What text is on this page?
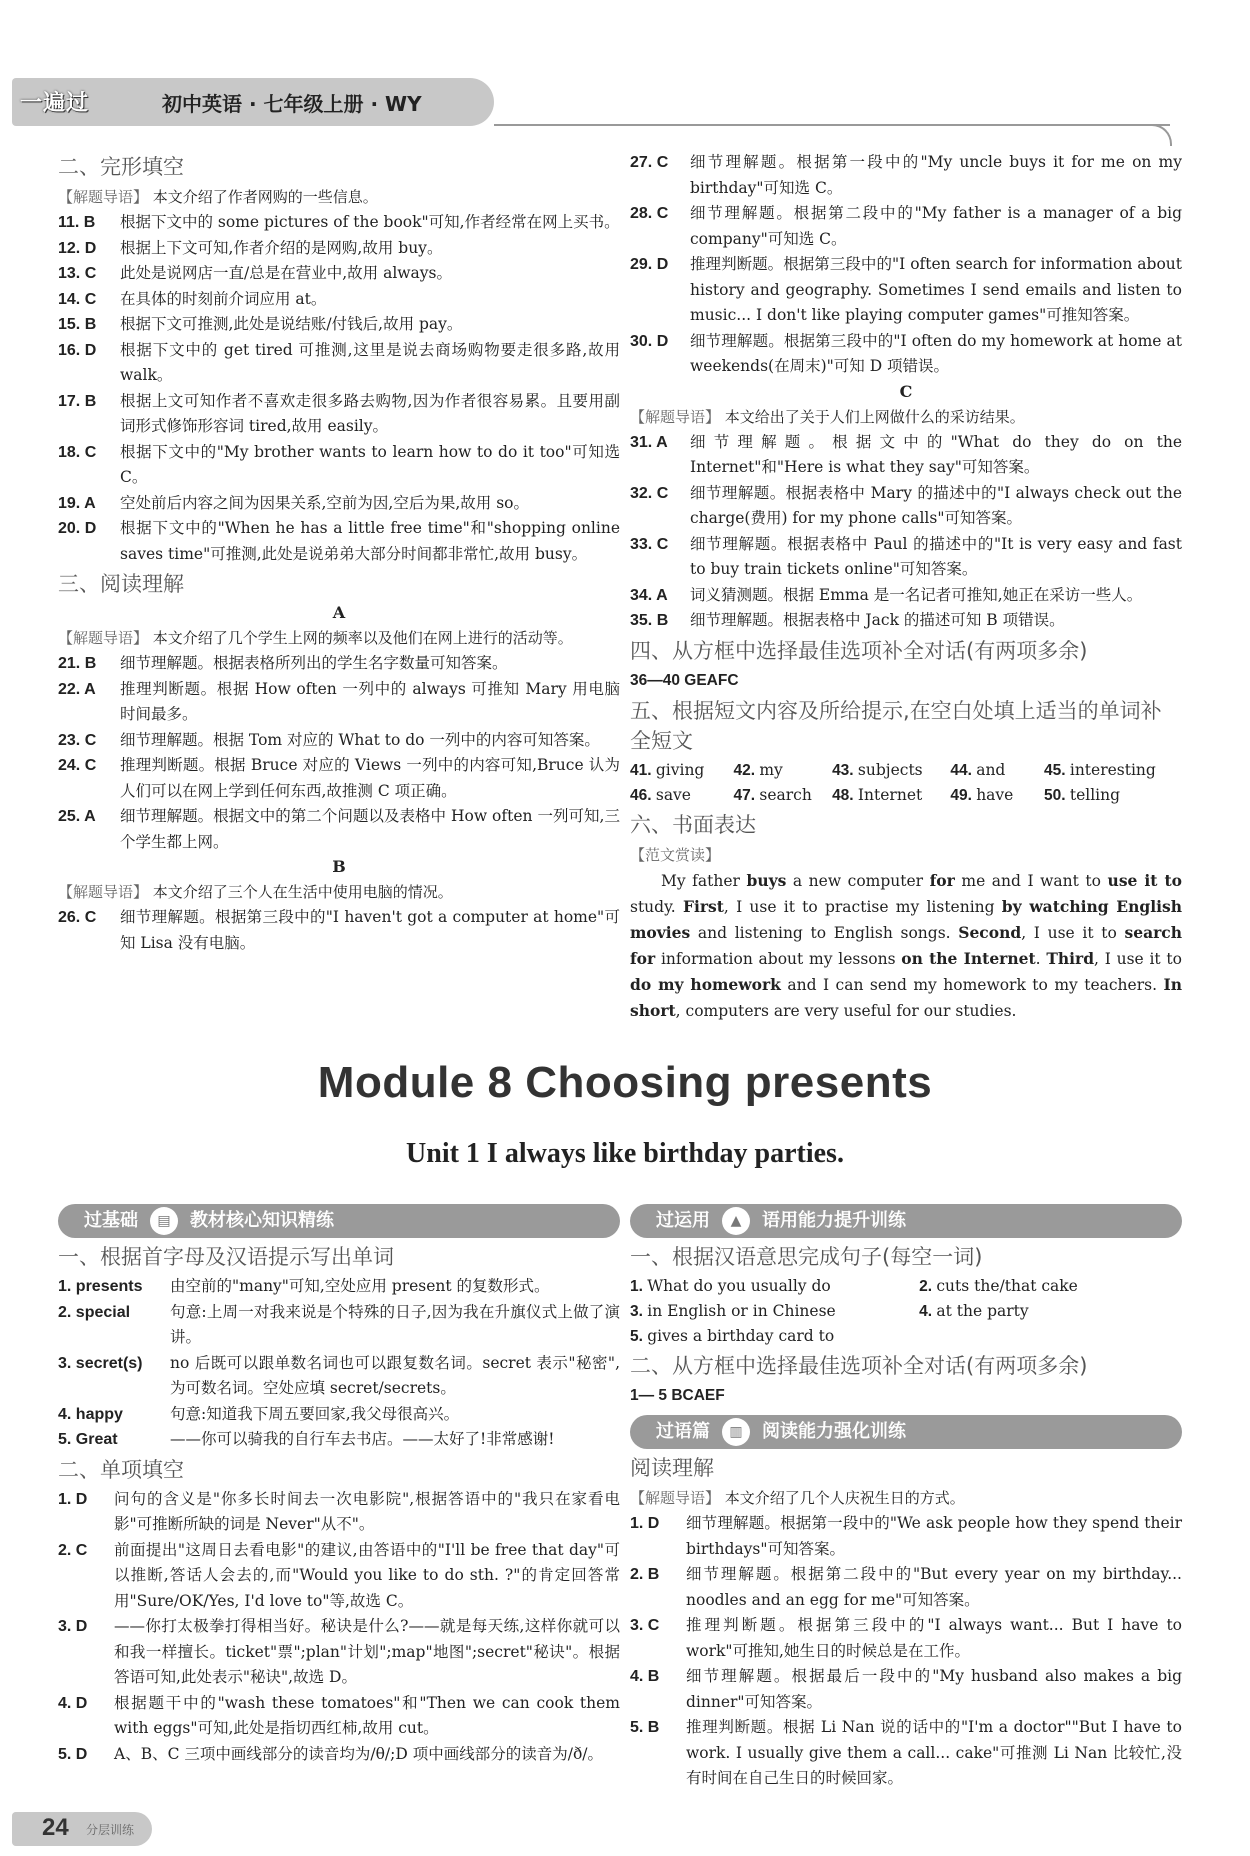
一遍过	初中英语 · 七年级上册 · WY
二、完形填空
【解题导语】 本文介绍了作者网购的一些信息。
11. B	根据下文中的 some pictures of the book"可知,作者经常在网上买书。
12. D	根据上下文可知,作者介绍的是网购,故用 buy。
13. C	此处是说网店一直/总是在营业中,故用 always。
14. C	在具体的时刻前介词应用 at。
15. B	根据下文可推测,此处是说结账/付钱后,故用 pay。
16. D	根据下文中的 get tired 可推测,这里是说去商场购物要走很多路,故用 walk。
17. B	根据上文可知作者不喜欢走很多路去购物,因为作者很容易累。且要用副词形式修饰形容词 tired,故用 easily。
18. C	根据下文中的"My brother wants to learn how to do it too"可知选 C。
19. A	空处前后内容之间为因果关系,空前为因,空后为果,故用 so。
20. D	根据下文中的"When he has a little free time"和"shopping online saves time"可推测,此处是说弟弟大部分时间都非常忙,故用 busy。
三、阅读理解
A
【解题导语】 本文介绍了几个学生上网的频率以及他们在网上进行的活动等。
21. B	细节理解题。根据表格所列出的学生名字数量可知答案。
22. A	推理判断题。根据 How often 一列中的 always 可推知 Mary 用电脑时间最多。
23. C	细节理解题。根据 Tom 对应的 What to do 一列中的内容可知答案。
24. C	推理判断题。根据 Bruce 对应的 Views 一列中的内容可知,Bruce 认为人们可以在网上学到任何东西,故推测 C 项正确。
25. A	细节理解题。根据文中的第二个问题以及表格中 How often 一列可知,三个学生都上网。
B
【解题导语】 本文介绍了三个人在生活中使用电脑的情况。
26. C	细节理解题。根据第三段中的"I haven't got a computer at home"可知 Lisa 没有电脑。
27. C	细节理解题。根据第一段中的"My uncle buys it for me on my birthday"可知选 C。
28. C	细节理解题。根据第二段中的"My father is a manager of a big company"可知选 C。
29. D	推理判断题。根据第三段中的"I often search for information about history and geography. Sometimes I send emails and listen to music... I don't like playing computer games"可推知答案。
30. D	细节理解题。根据第三段中的"I often do my homework at home at weekends(在周末)"可知 D 项错误。
C
【解题导语】 本文给出了关于人们上网做什么的采访结果。
31. A	细节理解题。根据文中的"What do they do on the Internet"和"Here is what they say"可知答案。
32. C	细节理解题。根据表格中 Mary 的描述中的"I always check out the charge(费用) for my phone calls"可知答案。
33. C	细节理解题。根据表格中 Paul 的描述中的"It is very easy and fast to buy train tickets online"可知答案。
34. A	词义猜测题。根据 Emma 是一名记者可推知,她正在采访一些人。
35. B	细节理解题。根据表格中 Jack 的描述可知 B 项错误。
四、从方框中选择最佳选项补全对话(有两项多余)
36—40 GEAFC
五、根据短文内容及所给提示,在空白处填上适当的单词补全短文
41. giving	42. my	43. subjects	44. and	45. interesting
46. save	47. search	48. Internet	49. have	50. telling
六、书面表达
【范文赏读】
My father buys a new computer for me and I want to use it to study. First, I use it to practise my listening by watching English movies and listening to English songs. Second, I use it to search for information about my lessons on the Internet. Third, I use it to do my homework and I can send my homework to my teachers. In short, computers are very useful for our studies.
Module 8 Choosing presents
Unit 1 I always like birthday parties.
过基础	▤	教材核心知识精练
一、根据首字母及汉语提示写出单词
1. presents	由空前的"many"可知,空处应用 present 的复数形式。
2. special	句意:上周一对我来说是个特殊的日子,因为我在升旗仪式上做了演讲。
3. secret(s)	no 后既可以跟单数名词也可以跟复数名词。secret 表示"秘密",为可数名词。空处应填 secret/secrets。
4. happy	句意:知道我下周五要回家,我父母很高兴。
5. Great	——你可以骑我的自行车去书店。——太好了!非常感谢!
二、单项填空
1. D	问句的含义是"你多长时间去一次电影院",根据答语中的"我只在家看电影"可推断所缺的词是 Never"从不"。
2. C	前面提出"这周日去看电影"的建议,由答语中的"I'll be free that day"可以推断,答话人会去的,而"Would you like to do sth. ?"的肯定回答常用"Sure/OK/Yes, I'd love to"等,故选 C。
3. D	——你打太极拳打得相当好。秘诀是什么?——就是每天练,这样你就可以和我一样擅长。ticket"票";plan"计划";map"地图";secret"秘诀"。根据答语可知,此处表示"秘诀",故选 D。
4. D	根据题干中的"wash these tomatoes"和"Then we can cook them with eggs"可知,此处是指切西红柿,故用 cut。
5. D	A、B、C 三项中画线部分的读音均为/θ/;D 项中画线部分的读音为/ð/。
过运用	▲	语用能力提升训练
一、根据汉语意思完成句子(每空一词)
1. What do you usually do	2. cuts the/that cake
3. in English or in Chinese	4. at the party
5. gives a birthday card to
二、从方框中选择最佳选项补全对话(有两项多余)
1— 5 BCAEF
过语篇	▥	阅读能力强化训练
阅读理解
【解题导语】 本文介绍了几个人庆祝生日的方式。
1. D	细节理解题。根据第一段中的"We ask people how they spend their birthdays"可知答案。
2. B	细节理解题。根据第二段中的"But every year on my birthday... noodles and an egg for me"可知答案。
3. C	推理判断题。根据第三段中的"I always want... But I have to work"可推知,她生日的时候总是在工作。
4. B	细节理解题。根据最后一段中的"My husband also makes a big dinner"可知答案。
5. B	推理判断题。根据 Li Nan 说的话中的"I'm a doctor""But I have to work. I usually give them a call... cake"可推测 Li Nan 比较忙,没有时间在自己生日的时候回家。
24 分层训练
